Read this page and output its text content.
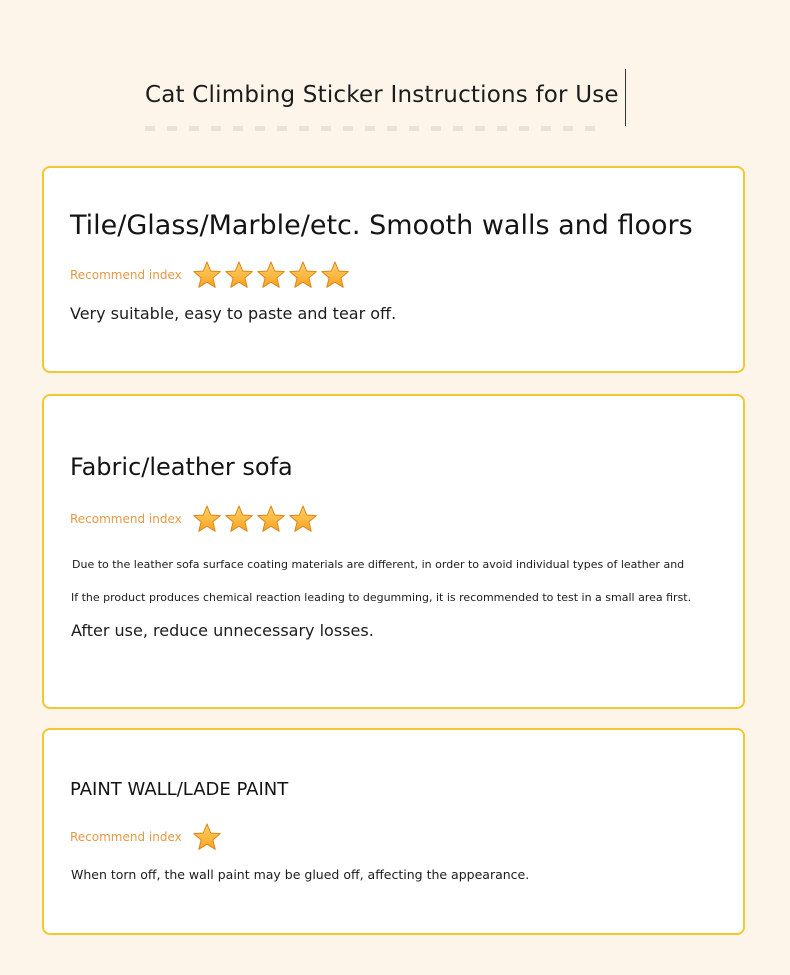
Cat Climbing Sticker Instructions for Use
Tile/Glass/Marble/etc. Smooth walls and floors
Recommend index
Very suitable, easy to paste and tear off.
Fabric/leather sofa
Recommend index
Due to the leather sofa surface coating materials are different, in order to avoid individual types of leather and
If the product produces chemical reaction leading to degumming, it is recommended to test in a small area first.
After use, reduce unnecessary losses.
PAINT WALL/LADE PAINT
Recommend index
When torn off, the wall paint may be glued off, affecting the appearance.
